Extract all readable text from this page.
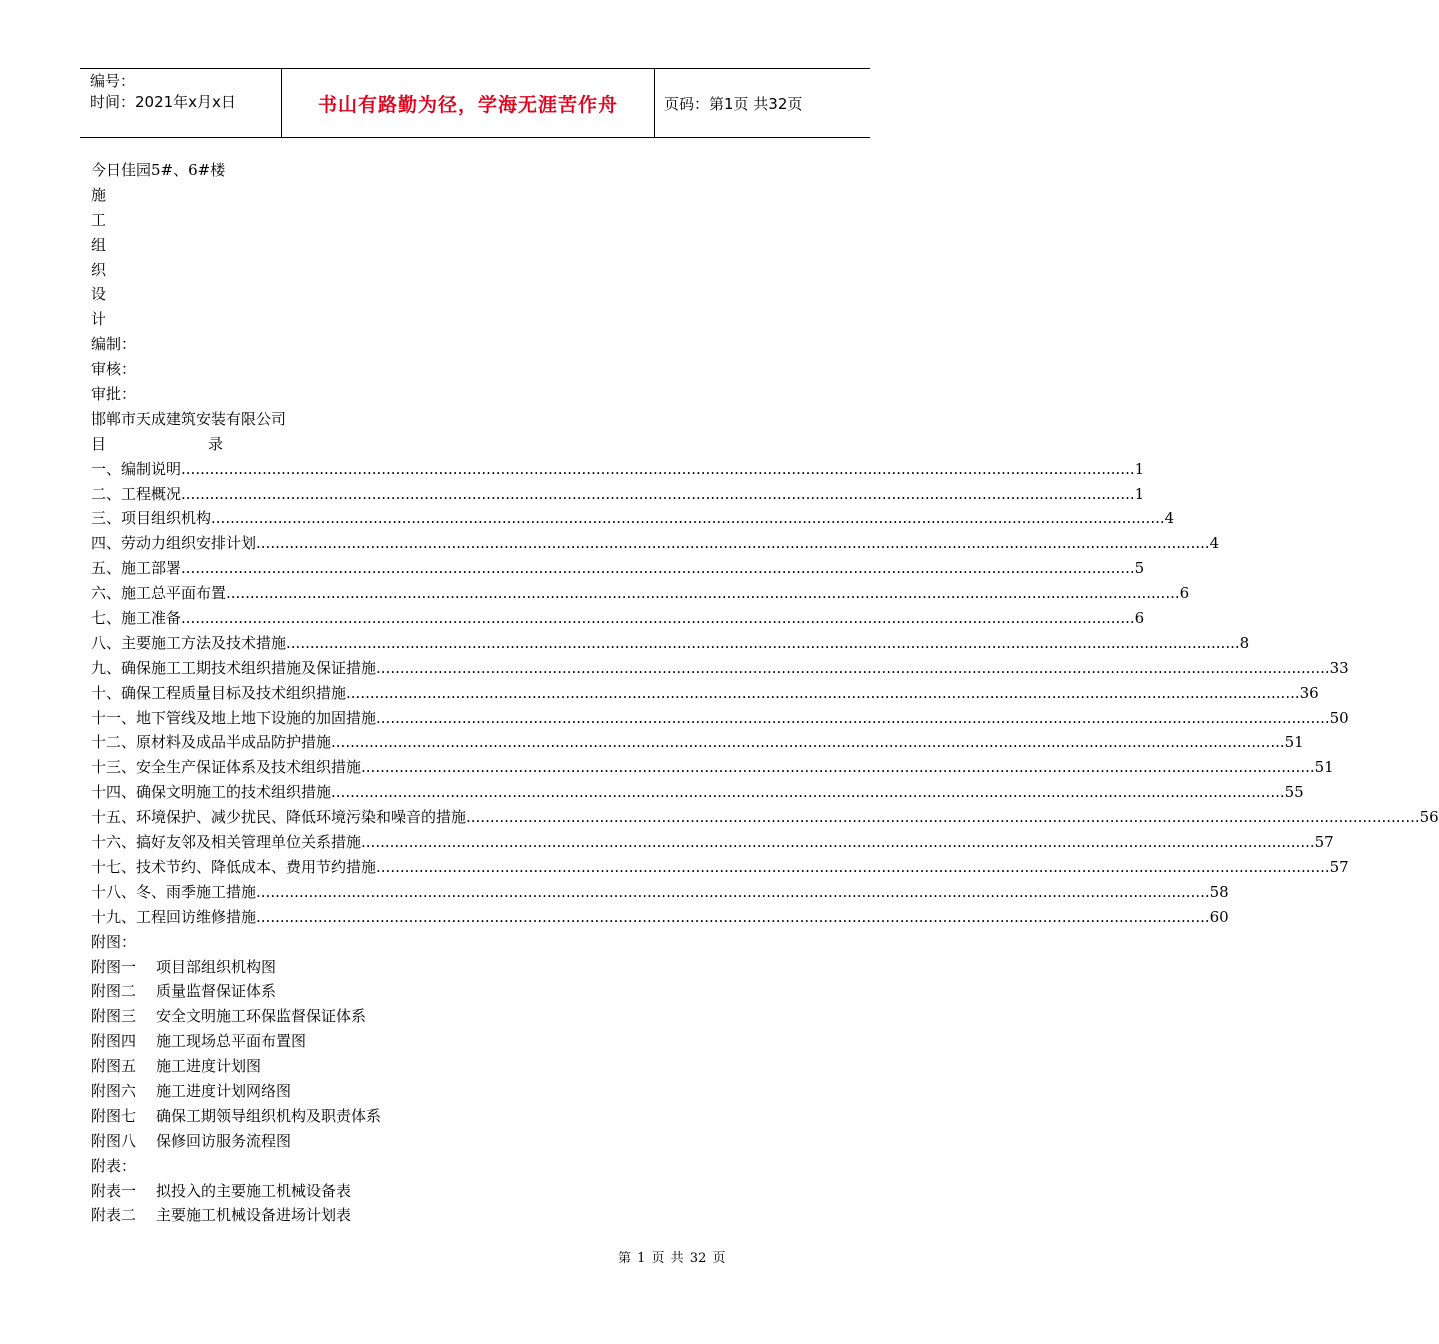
编号：
时间：2021年x月x日	书山有路勤为径，学海无涯苦作舟	页码：第1页 共32页
今日佳园5#、6#楼
施
工
组
织
设
计
编制：
审核：
审批：
邯郸市天成建筑安装有限公司
目	录
一、编制说明 ........................................................................................................................................................................................................ 1
二、工程概况 ........................................................................................................................................................................................................ 1
三、项目组织机构 ........................................................................................................................................................................................................ 4
四、劳动力组织安排计划 ........................................................................................................................................................................................................ 4
五、施工部署 ........................................................................................................................................................................................................ 5
六、施工总平面布置 ........................................................................................................................................................................................................ 6
七、施工准备 ........................................................................................................................................................................................................ 6
八、主要施工方法及技术措施 ........................................................................................................................................................................................................ 8
九、确保施工工期技术组织措施及保证措施 ........................................................................................................................................................................................................ 33
十、确保工程质量目标及技术组织措施 ........................................................................................................................................................................................................ 36
十一、地下管线及地上地下设施的加固措施 ........................................................................................................................................................................................................ 50
十二、原材料及成品半成品防护措施 ........................................................................................................................................................................................................ 51
十三、安全生产保证体系及技术组织措施 ........................................................................................................................................................................................................ 51
十四、确保文明施工的技术组织措施 ........................................................................................................................................................................................................ 55
十五、环境保护、减少扰民、降低环境污染和噪音的措施 ........................................................................................................................................................................................................ 56
十六、搞好友邻及相关管理单位关系措施 ........................................................................................................................................................................................................ 57
十七、技术节约、降低成本、费用节约措施 ........................................................................................................................................................................................................ 57
十八、冬、雨季施工措施 ........................................................................................................................................................................................................ 58
十九、工程回访维修措施 ........................................................................................................................................................................................................ 60
附图：
附图一 项目部组织机构图
附图二 质量监督保证体系
附图三 安全文明施工环保监督保证体系
附图四 施工现场总平面布置图
附图五 施工进度计划图
附图六 施工进度计划网络图
附图七 确保工期领导组织机构及职责体系
附图八 保修回访服务流程图
附表：
附表一 拟投入的主要施工机械设备表
附表二 主要施工机械设备进场计划表
第 1 页 共 32 页
